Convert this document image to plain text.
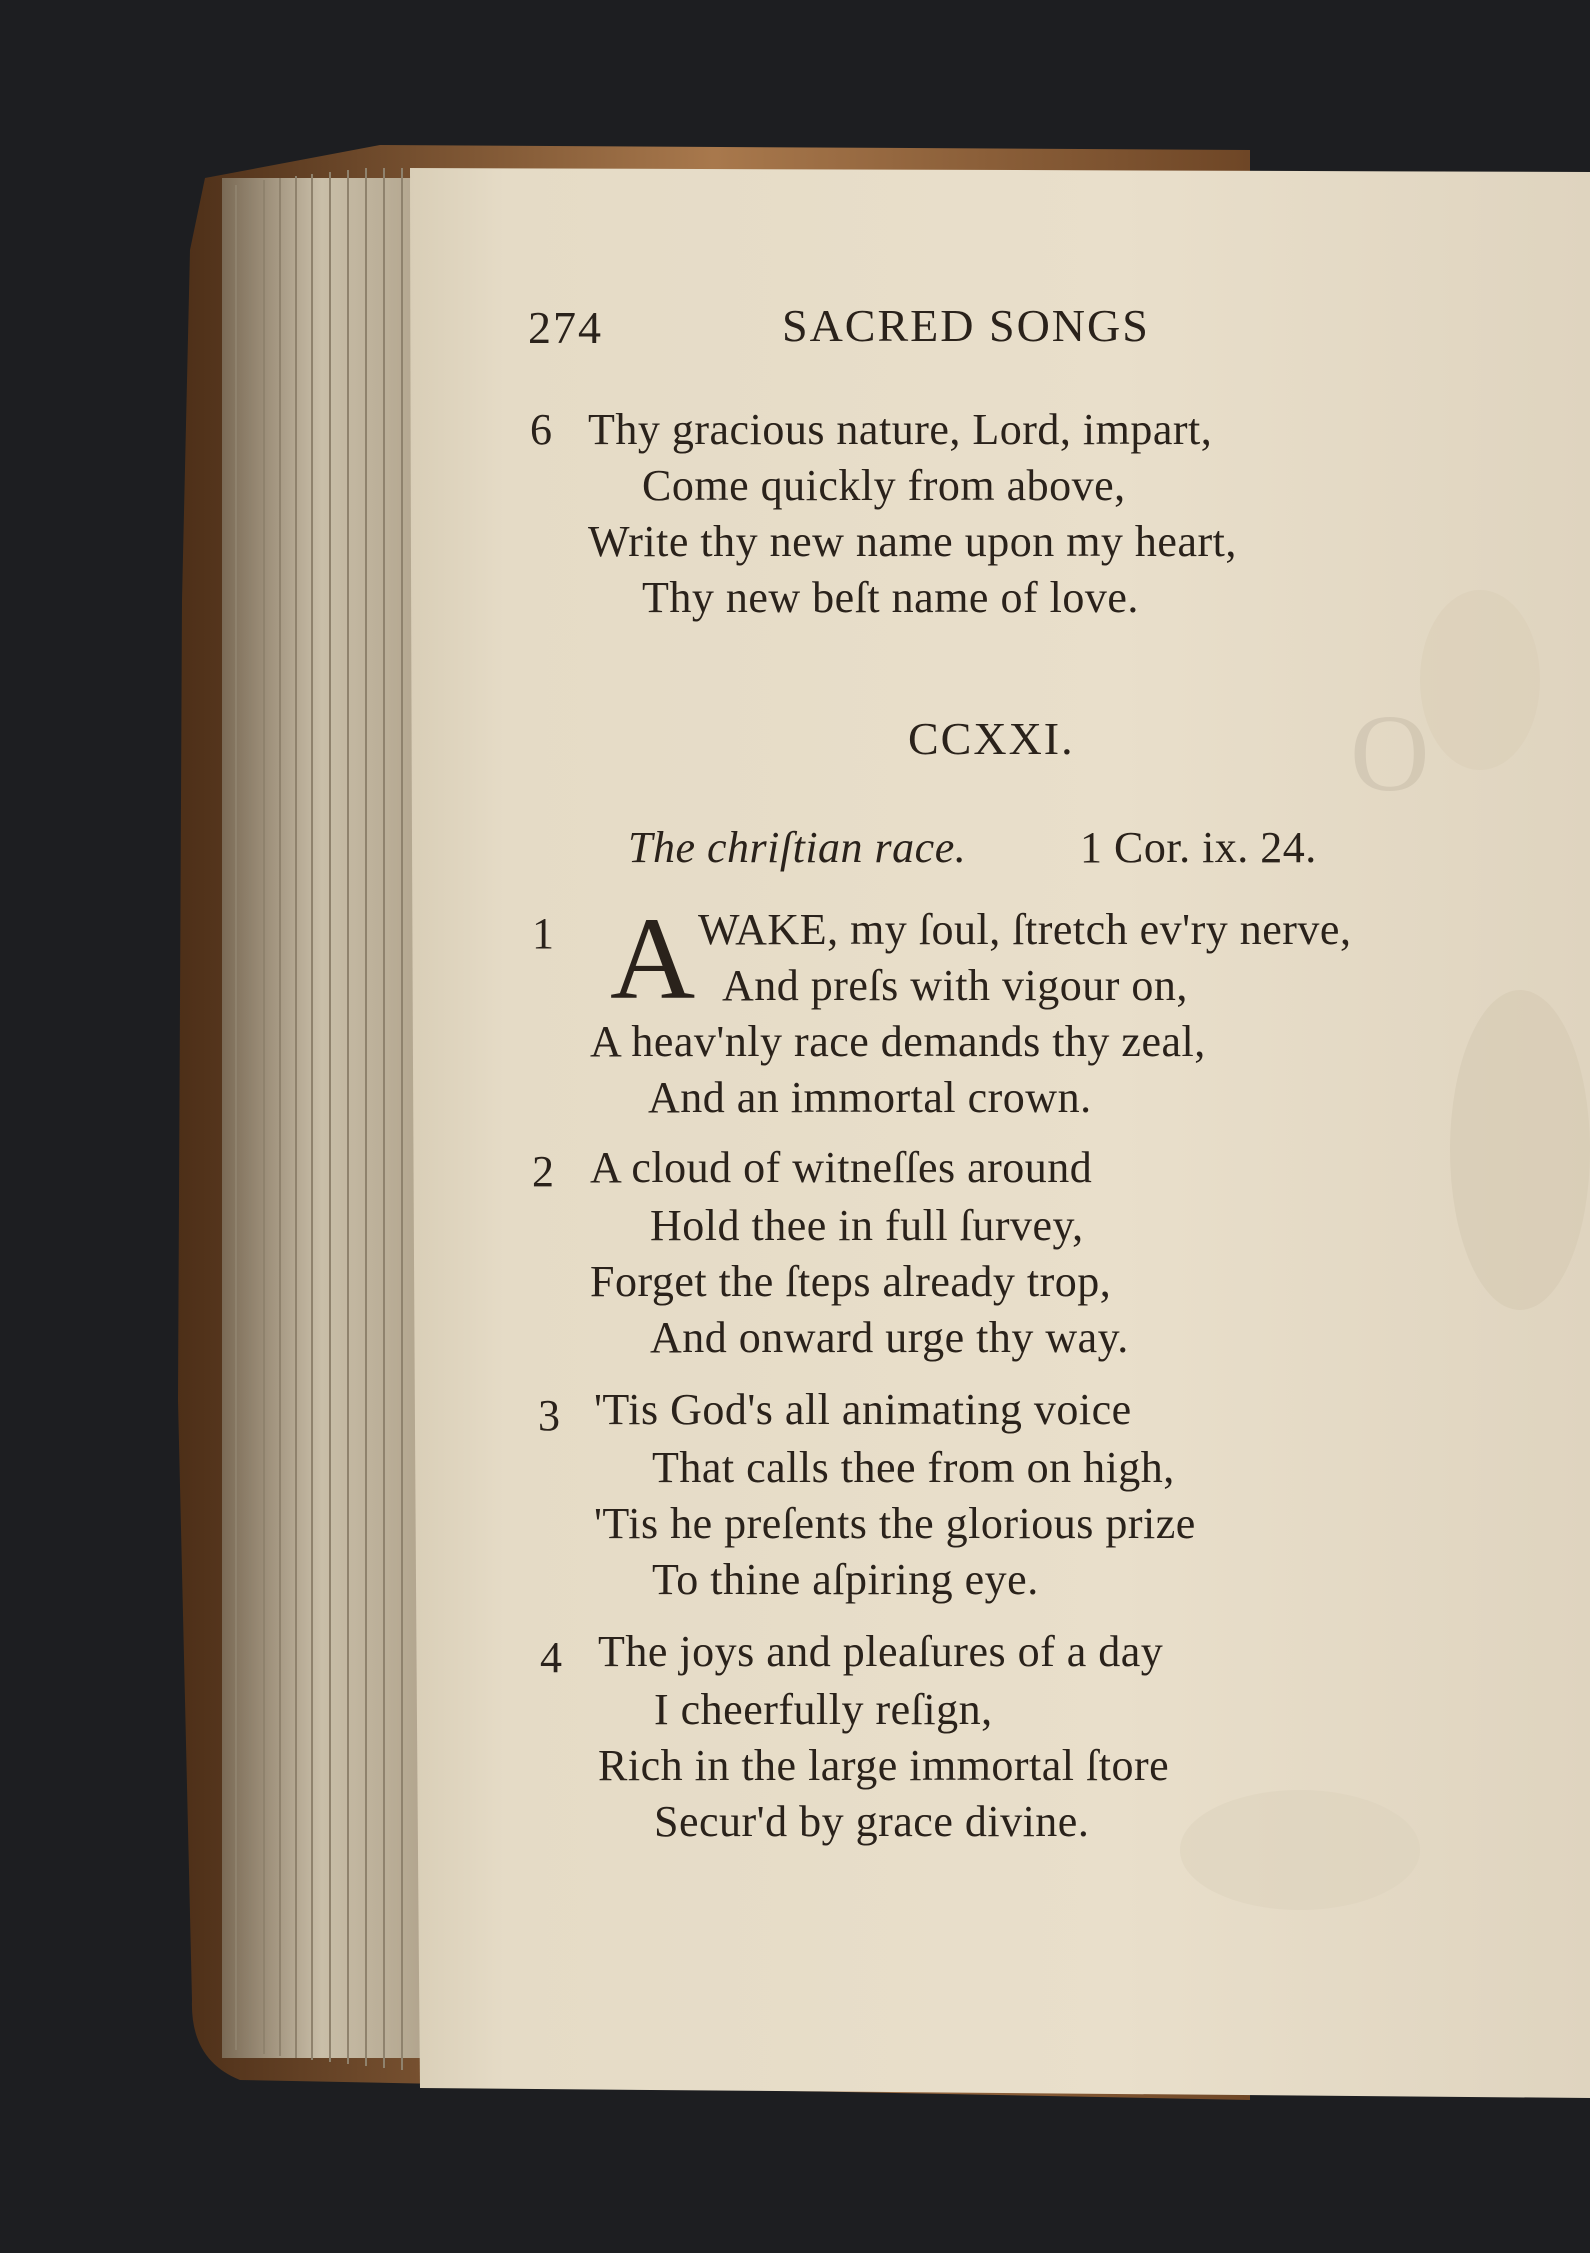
O
274	SACRED SONGS
6 Thy gracious nature, Lord, impart,
Come quickly from above,
Write thy new name upon my heart,
Thy new beſt name of love.
CCXXI.
The chriſtian race.	1 Cor. ix. 24.
1 A WAKE, my ſoul, ſtretch ev'ry nerve,
And preſs with vigour on,
A heav'nly race demands thy zeal,
And an immortal crown.
2 A cloud of witneſſes around
Hold thee in full ſurvey,
Forget the ſteps already trop,
And onward urge thy way.
3 'Tis God's all animating voice
That calls thee from on high,
'Tis he preſents the glorious prize
To thine aſpiring eye.
4 The joys and pleaſures of a day
I cheerfully reſign,
Rich in the large immortal ſtore
Secur'd by grace divine.
